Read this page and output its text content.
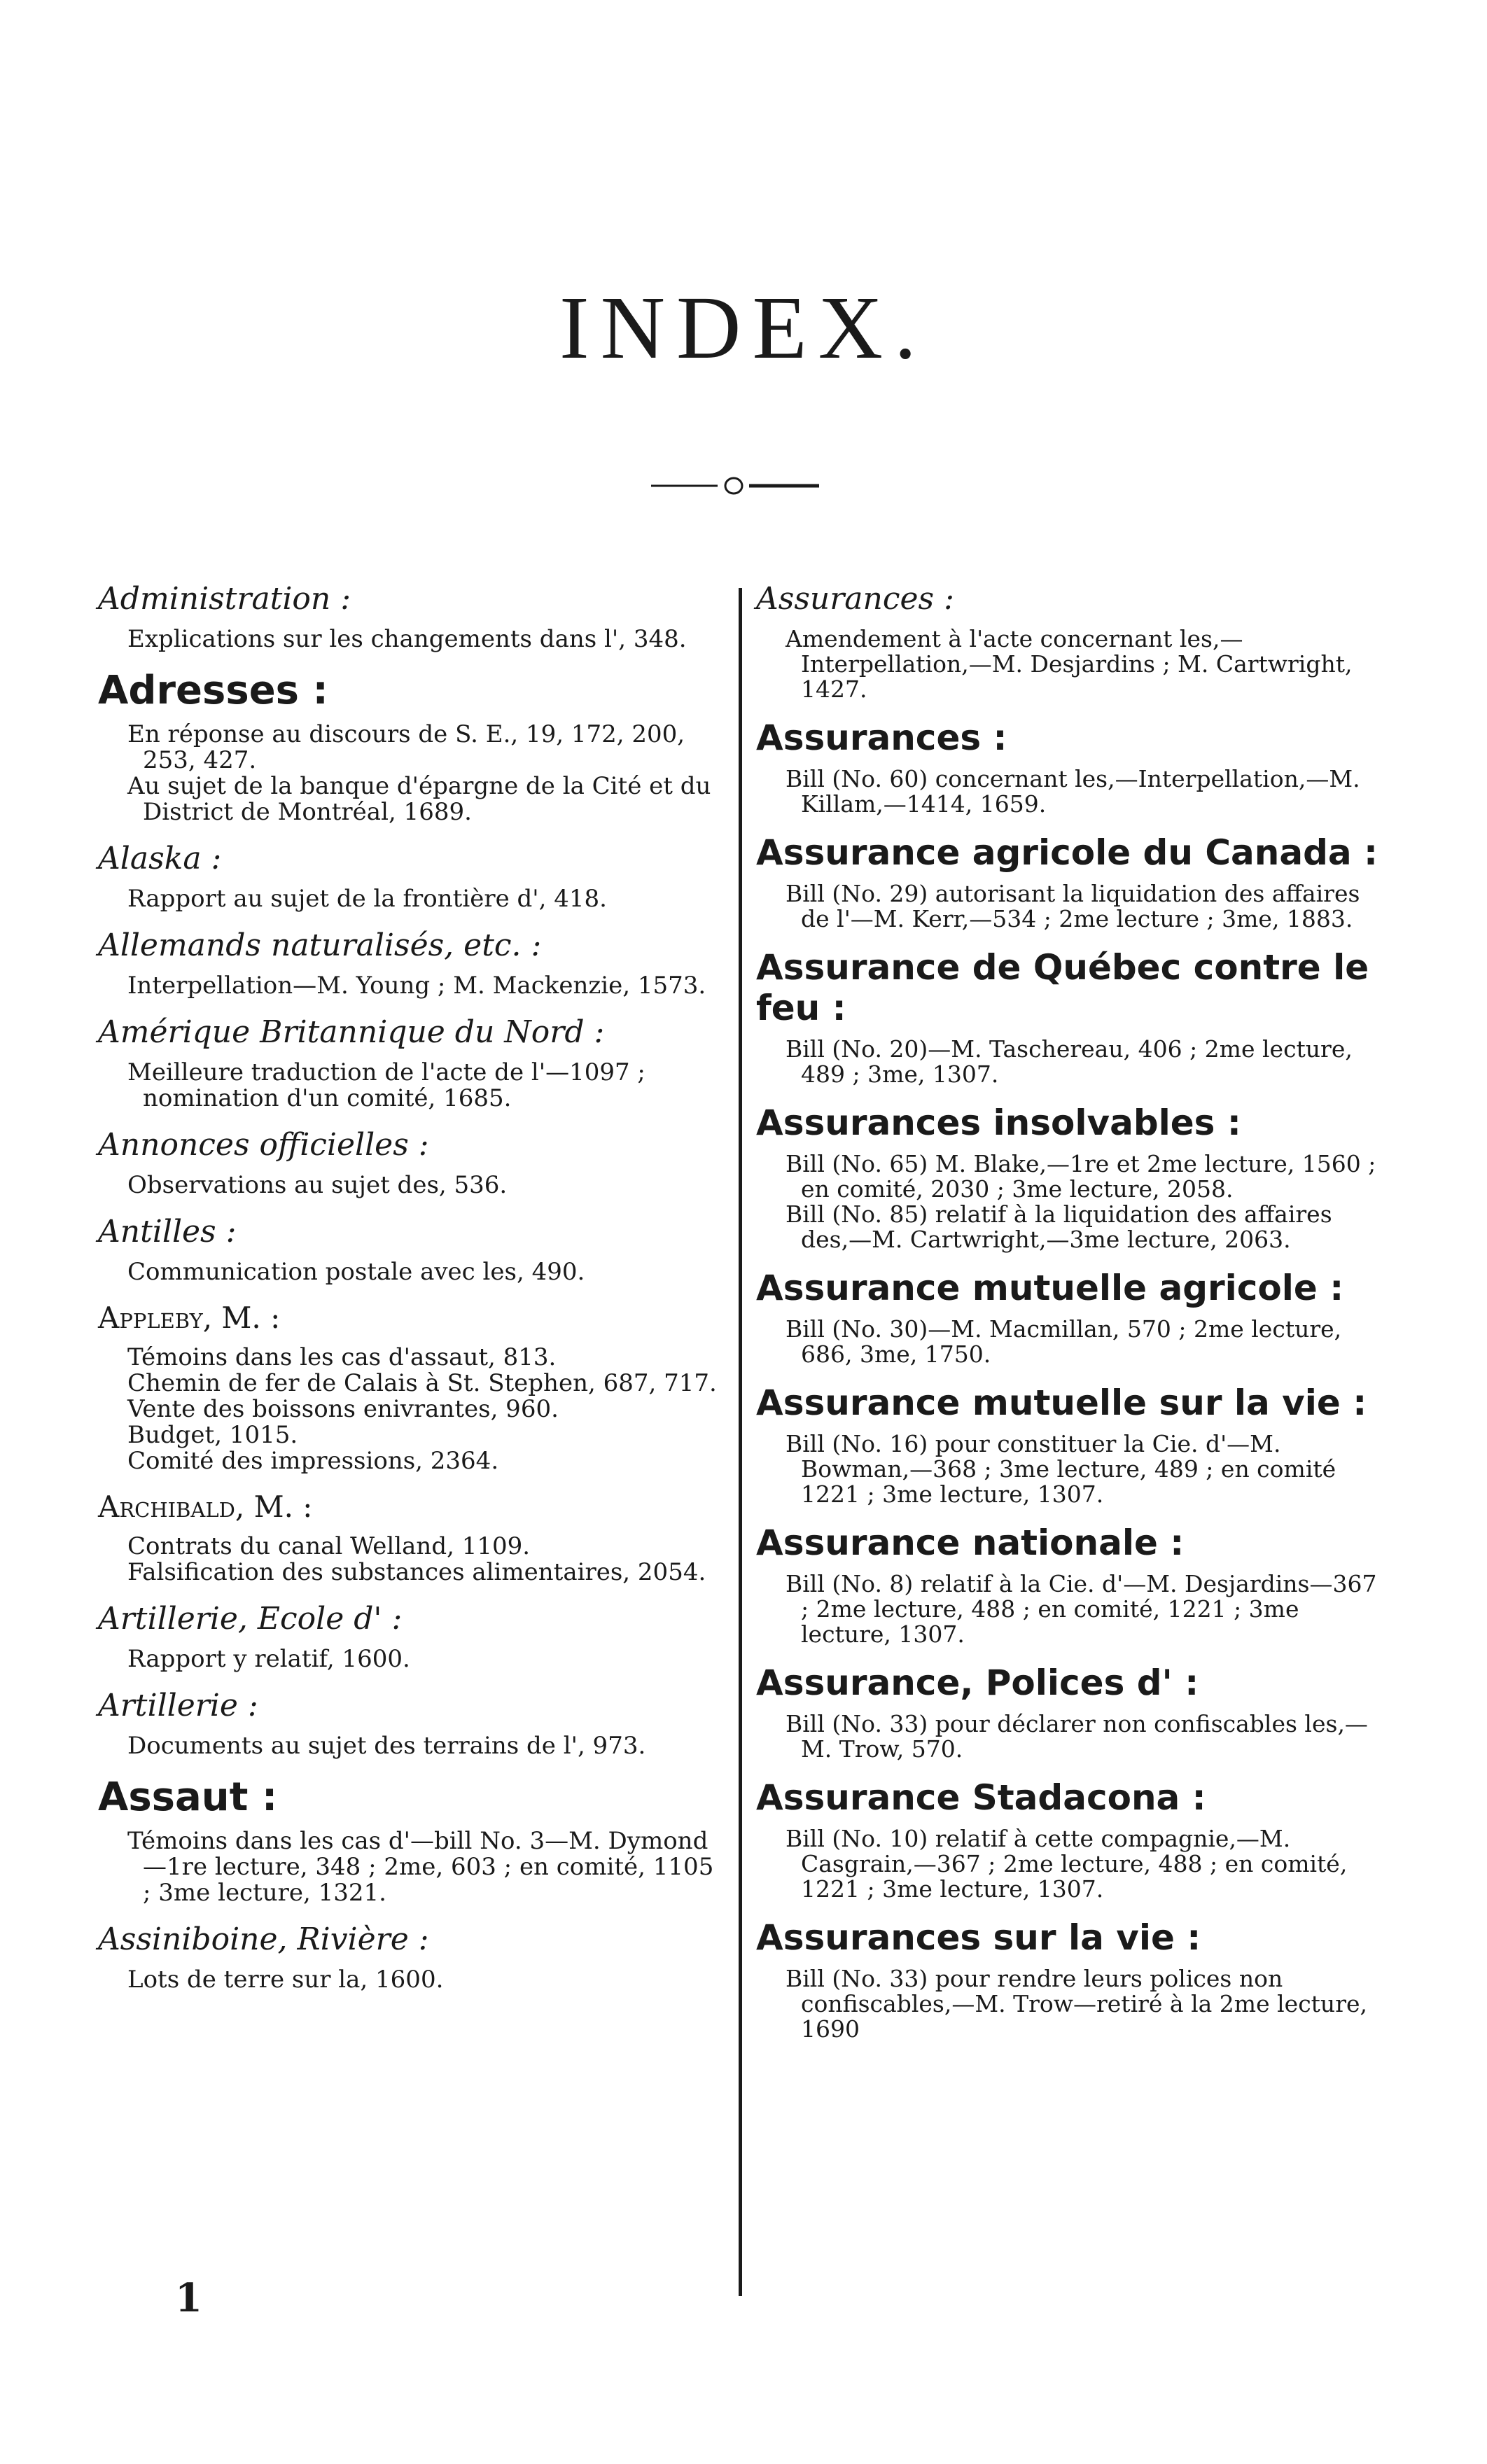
INDEX.
Administration :
Explications sur les changements dans l', 348.
Adresses :
En réponse au discours de S. E., 19, 172, 200, 253, 427.
Au sujet de la banque d'épargne de la Cité et du District de Montréal, 1689.
Alaska :
Rapport au sujet de la frontière d', 418.
Allemands naturalisés, etc. :
Interpellation—M. Young ; M. Mackenzie, 1573.
Amérique Britannique du Nord :
Meilleure traduction de l'acte de l'—1097 ; nomination d'un comité, 1685.
Annonces officielles :
Observations au sujet des, 536.
Antilles :
Communication postale avec les, 490.
Appleby, M. :
Témoins dans les cas d'assaut, 813.
Chemin de fer de Calais à St. Stephen, 687, 717.
Vente des boissons enivrantes, 960.
Budget, 1015.
Comité des impressions, 2364.
Archibald, M. :
Contrats du canal Welland, 1109.
Falsification des substances alimentaires, 2054.
Artillerie, Ecole d' :
Rapport y relatif, 1600.
Artillerie :
Documents au sujet des terrains de l', 973.
Assaut :
Témoins dans les cas d'—bill No. 3—M. Dymond—1re lecture, 348 ; 2me, 603 ; en comité, 1105 ; 3me lecture, 1321.
Assiniboine, Rivière :
Lots de terre sur la, 1600.
Assurances :
Amendement à l'acte concernant les,—Interpellation,—M. Desjardins ; M. Cartwright, 1427.
Assurances :
Bill (No. 60) concernant les,—Interpellation,—M. Killam,—1414, 1659.
Assurance agricole du Canada :
Bill (No. 29) autorisant la liquidation des affaires de l'—M. Kerr,—534 ; 2me lecture ; 3me, 1883.
Assurance de Québec contre le feu :
Bill (No. 20)—M. Taschereau, 406 ; 2me lecture, 489 ; 3me, 1307.
Assurances insolvables :
Bill (No. 65) M. Blake,—1re et 2me lecture, 1560 ; en comité, 2030 ; 3me lecture, 2058.
Bill (No. 85) relatif à la liquidation des affaires des,—M. Cartwright,—3me lecture, 2063.
Assurance mutuelle agricole :
Bill (No. 30)—M. Macmillan, 570 ; 2me lecture, 686, 3me, 1750.
Assurance mutuelle sur la vie :
Bill (No. 16) pour constituer la Cie. d'—M. Bowman,—368 ; 3me lecture, 489 ; en comité 1221 ; 3me lecture, 1307.
Assurance nationale :
Bill (No. 8) relatif à la Cie. d'—M. Desjardins—367 ; 2me lecture, 488 ; en comité, 1221 ; 3me lecture, 1307.
Assurance, Polices d' :
Bill (No. 33) pour déclarer non confiscables les,—M. Trow, 570.
Assurance Stadacona :
Bill (No. 10) relatif à cette compagnie,—M. Casgrain,—367 ; 2me lecture, 488 ; en comité, 1221 ; 3me lecture, 1307.
Assurances sur la vie :
Bill (No. 33) pour rendre leurs polices non confiscables,—M. Trow—retiré à la 2me lecture, 1690
1
